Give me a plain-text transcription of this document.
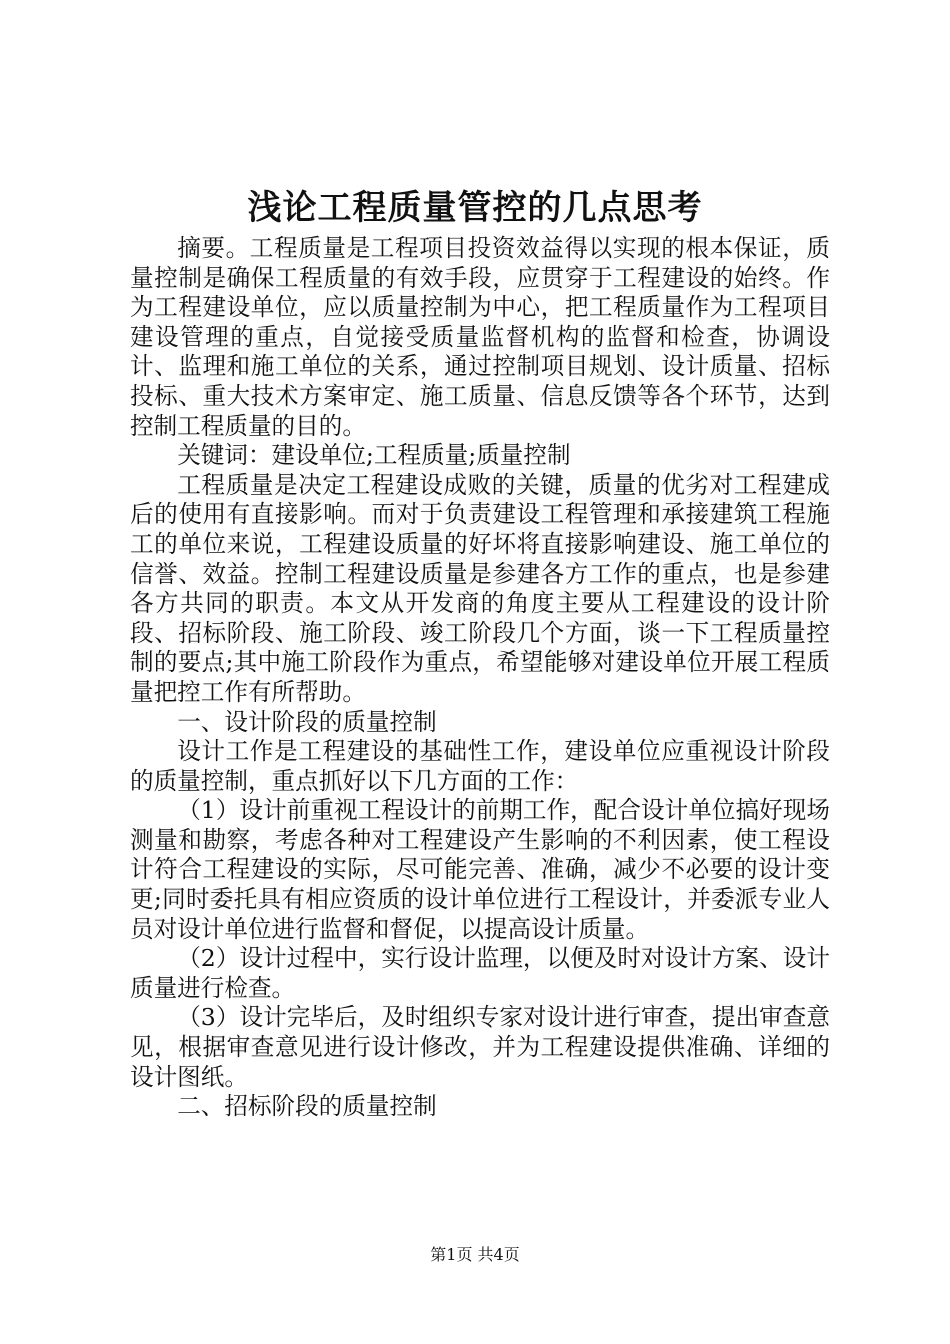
浅论工程质量管控的几点思考

摘要。工程质量是工程项目投资效益得以实现的根本保证，质量控制是确保工程质量的有效手段，应贯穿于工程建设的始终。作为工程建设单位，应以质量控制为中心，把工程质量作为工程项目建设管理的重点，自觉接受质量监督机构的监督和检查，协调设计、监理和施工单位的关系，通过控制项目规划、设计质量、招标投标、重大技术方案审定、施工质量、信息反馈等各个环节，达到控制工程质量的目的。

关键词：建设单位;工程质量;质量控制

工程质量是决定工程建设成败的关键，质量的优劣对工程建成后的使用有直接影响。而对于负责建设工程管理和承接建筑工程施工的单位来说，工程建设质量的好坏将直接影响建设、施工单位的信誉、效益。控制工程建设质量是参建各方工作的重点，也是参建各方共同的职责。本文从开发商的角度主要从工程建设的设计阶段、招标阶段、施工阶段、竣工阶段几个方面，谈一下工程质量控制的要点;其中施工阶段作为重点，希望能够对建设单位开展工程质量把控工作有所帮助。

一、设计阶段的质量控制

设计工作是工程建设的基础性工作，建设单位应重视设计阶段的质量控制，重点抓好以下几方面的工作：

（1）设计前重视工程设计的前期工作，配合设计单位搞好现场测量和勘察，考虑各种对工程建设产生影响的不利因素，使工程设计符合工程建设的实际，尽可能完善、准确，减少不必要的设计变更;同时委托具有相应资质的设计单位进行工程设计，并委派专业人员对设计单位进行监督和督促，以提高设计质量。

（2）设计过程中，实行设计监理，以便及时对设计方案、设计质量进行检查。

（3）设计完毕后，及时组织专家对设计进行审查，提出审查意见，根据审查意见进行设计修改，并为工程建设提供准确、详细的设计图纸。

二、招标阶段的质量控制

第1页 共4页
